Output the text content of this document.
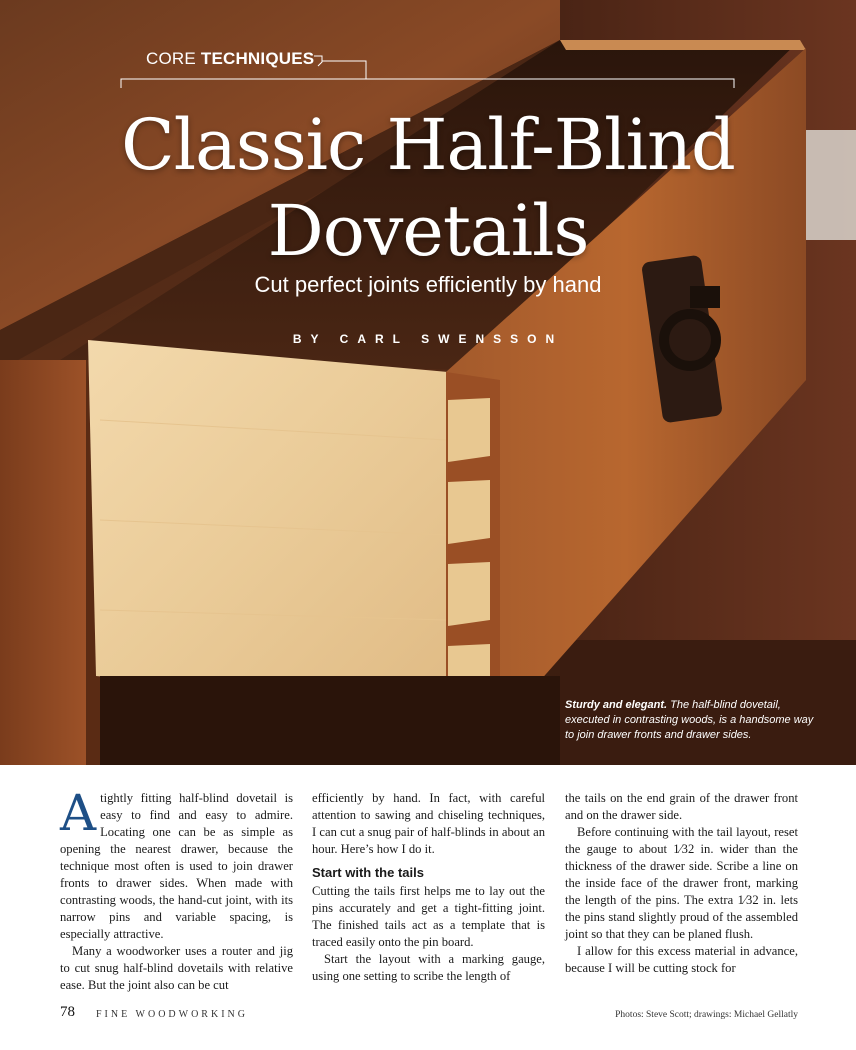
CORE TECHNIQUES
Classic Half-Blind
Dovetails
Cut perfect joints efficiently by hand
BY CARL SWENSSON
Sturdy and elegant. The half-blind dovetail, executed in contrasting woods, is a handsome way to join drawer fronts and drawer sides.

Atightly fitting half-blind dovetail is easy to find and easy to admire. Locating one can be as simple as opening the nearest drawer, because the technique most often is used to join drawer fronts to drawer sides. When made with contrasting woods, the hand-cut joint, with its narrow pins and variable spacing, is especially attractive.

Many a woodworker uses a router and jig to cut snug half-blind dovetails with relative ease. But the joint also can be cut

efficiently by hand. In fact, with careful attention to sawing and chiseling techniques, I can cut a snug pair of half-blinds in about an hour. Here’s how I do it.

Start with the tails

Cutting the tails first helps me to lay out the pins accurately and get a tight-fitting joint. The finished tails act as a template that is traced easily onto the pin board.

Start the layout with a marking gauge, using one setting to scribe the length of

the tails on the end grain of the drawer front and on the drawer side.

Before continuing with the tail layout, reset the gauge to about 1⁄32 in. wider than the thickness of the drawer side. Scribe a line on the inside face of the drawer front, marking the length of the pins. The extra 1⁄32 in. lets the pins stand slightly proud of the assembled joint so that they can be planed flush.

I allow for this excess material in advance, because I will be cutting stock for

78 FINE WOODWORKING	Photos: Steve Scott; drawings: Michael Gellatly
